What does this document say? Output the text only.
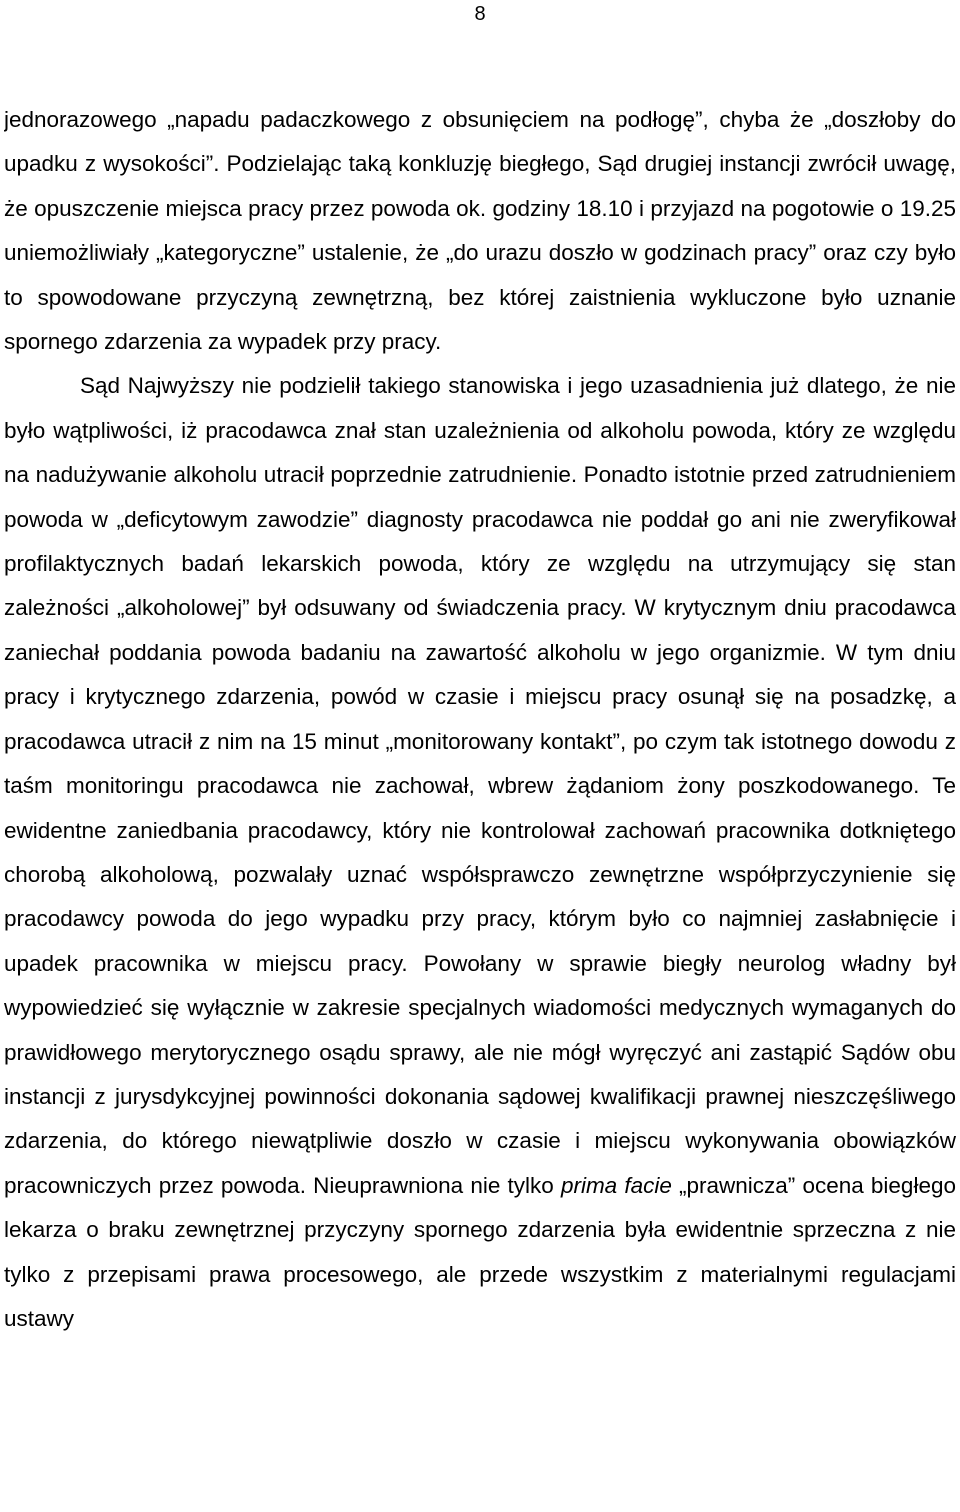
8

jednorazowego „napadu padaczkowego z obsunięciem na podłogę”, chyba że „doszłoby do upadku z wysokości”. Podzielając taką konkluzję biegłego, Sąd drugiej instancji zwrócił uwagę, że opuszczenie miejsca pracy przez powoda ok. godziny 18.10 i przyjazd na pogotowie o 19.25 uniemożliwiały „kategoryczne” ustalenie, że „do urazu doszło w godzinach pracy” oraz czy było to spowodowane przyczyną zewnętrzną, bez której zaistnienia wykluczone było uznanie spornego zdarzenia za wypadek przy pracy.

Sąd Najwyższy nie podzielił takiego stanowiska i jego uzasadnienia już dlatego, że nie było wątpliwości, iż pracodawca znał stan uzależnienia od alkoholu powoda, który ze względu na nadużywanie alkoholu utracił poprzednie zatrudnienie. Ponadto istotnie przed zatrudnieniem powoda w „deficytowym zawodzie” diagnosty pracodawca nie poddał go ani nie zweryfikował profilaktycznych badań lekarskich powoda, który ze względu na utrzymujący się stan zależności „alkoholowej” był odsuwany od świadczenia pracy. W krytycznym dniu pracodawca zaniechał poddania powoda badaniu na zawartość alkoholu w jego organizmie. W tym dniu pracy i krytycznego zdarzenia, powód w czasie i miejscu pracy osunął się na posadzkę, a pracodawca utracił z nim na 15 minut „monitorowany kontakt”, po czym tak istotnego dowodu z taśm monitoringu pracodawca nie zachował, wbrew żądaniom żony poszkodowanego. Te ewidentne zaniedbania pracodawcy, który nie kontrolował zachowań pracownika dotkniętego chorobą alkoholową, pozwalały uznać współsprawczo zewnętrzne współprzyczynienie się pracodawcy powoda do jego wypadku przy pracy, którym było co najmniej zasłabnięcie i upadek pracownika w miejscu pracy. Powołany w sprawie biegły neurolog władny był wypowiedzieć się wyłącznie w zakresie specjalnych wiadomości medycznych wymaganych do prawidłowego merytorycznego osądu sprawy, ale nie mógł wyręczyć ani zastąpić Sądów obu instancji z jurysdykcyjnej powinności dokonania sądowej kwalifikacji prawnej nieszczęśliwego zdarzenia, do którego niewątpliwie doszło w czasie i miejscu wykonywania obowiązków pracowniczych przez powoda. Nieuprawniona nie tylko prima facie „prawnicza” ocena biegłego lekarza o braku zewnętrznej przyczyny spornego zdarzenia była ewidentnie sprzeczna z nie tylko z przepisami prawa procesowego, ale przede wszystkim z materialnymi regulacjami ustawy
